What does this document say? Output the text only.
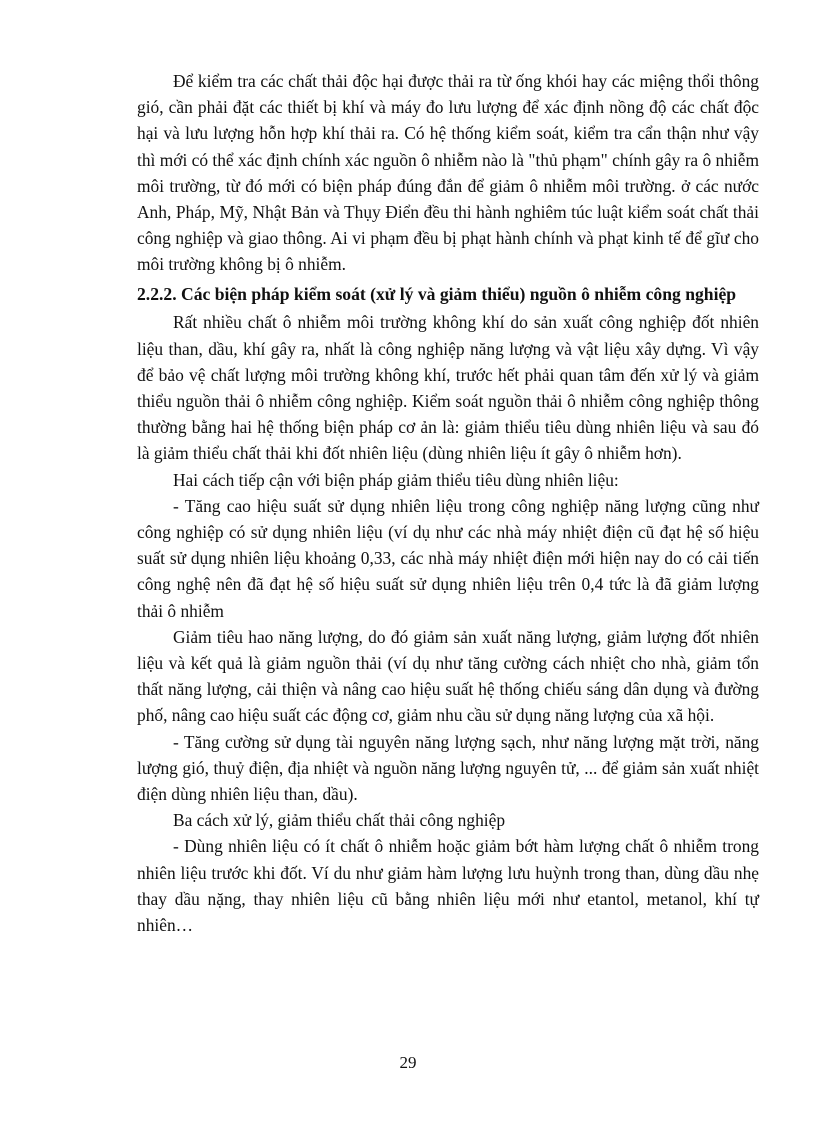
Để kiểm tra các chất thải độc hại được thải ra từ ống khói hay các miệng thổi thông gió, cần phải đặt các thiết bị khí và máy đo lưu lượng để xác định nồng độ các chất độc hại và lưu lượng hỗn hợp khí thải ra. Có hệ thống kiểm soát, kiểm tra cẩn thận như vậy thì mới có thể xác định chính xác nguồn ô nhiễm nào là "thủ phạm" chính gây ra ô nhiễm môi trường, từ đó mới có biện pháp đúng đắn để giảm ô nhiễm môi trường. ở các nước Anh, Pháp, Mỹ, Nhật Bản và Thụy Điển đều thi hành nghiêm túc luật kiểm soát chất thải công nghiệp và giao thông. Ai vi phạm đều bị phạt hành chính và phạt kinh tế để gĩư cho môi trường không bị ô nhiễm.

2.2.2. Các biện pháp kiểm soát (xử lý và giảm thiểu) nguồn ô nhiễm công nghiệp

Rất nhiều chất ô nhiễm môi trường không khí do sản xuất công nghiệp đốt nhiên liệu than, dầu, khí gây ra, nhất là công nghiệp năng lượng và vật liệu xây dựng. Vì vậy để bảo vệ chất lượng môi trường không khí, trước hết phải quan tâm đến xử lý và giảm thiểu nguồn thải ô nhiễm công nghiệp. Kiểm soát nguồn thải ô nhiễm công nghiệp thông thường bằng hai hệ thống biện pháp cơ ản là: giảm thiểu tiêu dùng nhiên liệu và sau đó là giảm thiểu chất thải khi đốt nhiên liệu (dùng nhiên liệu ít gây ô nhiễm hơn).

Hai cách tiếp cận với biện pháp giảm thiểu tiêu dùng nhiên liệu:

- Tăng cao hiệu suất sử dụng nhiên liệu trong công nghiệp năng lượng cũng như công nghiệp có sử dụng nhiên liệu (ví dụ như các nhà máy nhiệt điện cũ đạt hệ số hiệu suất sử dụng nhiên liệu khoảng 0,33, các nhà máy nhiệt điện mới hiện nay do có cải tiến công nghệ nên đã đạt hệ số hiệu suất sử dụng nhiên liệu trên 0,4 tức là đã giảm lượng thải ô nhiễm

Giảm tiêu hao năng lượng, do đó giảm sản xuất năng lượng, giảm lượng đốt nhiên liệu và kết quả là giảm nguồn thải (ví dụ như tăng cường cách nhiệt cho nhà, giảm tổn thất năng lượng, cải thiện và nâng cao hiệu suất hệ thống chiếu sáng dân dụng và đường phố, nâng cao hiệu suất các động cơ, giảm nhu cầu sử dụng năng lượng của xã hội.

- Tăng cường sử dụng tài nguyên năng lượng sạch, như năng lượng mặt trời, năng lượng gió, thuỷ điện, địa nhiệt và nguồn năng lượng nguyên tử, ... để giảm sản xuất nhiệt điện dùng nhiên liệu than, dầu).

Ba cách xử lý, giảm thiểu chất thải công nghiệp

- Dùng nhiên liệu có ít chất ô nhiễm hoặc giảm bớt hàm lượng chất ô nhiễm trong nhiên liệu trước khi đốt. Ví du như giảm hàm lượng lưu huỳnh trong than, dùng dầu nhẹ thay dầu nặng, thay nhiên liệu cũ bằng nhiên liệu mới như etantol, metanol, khí tự nhiên…

29
